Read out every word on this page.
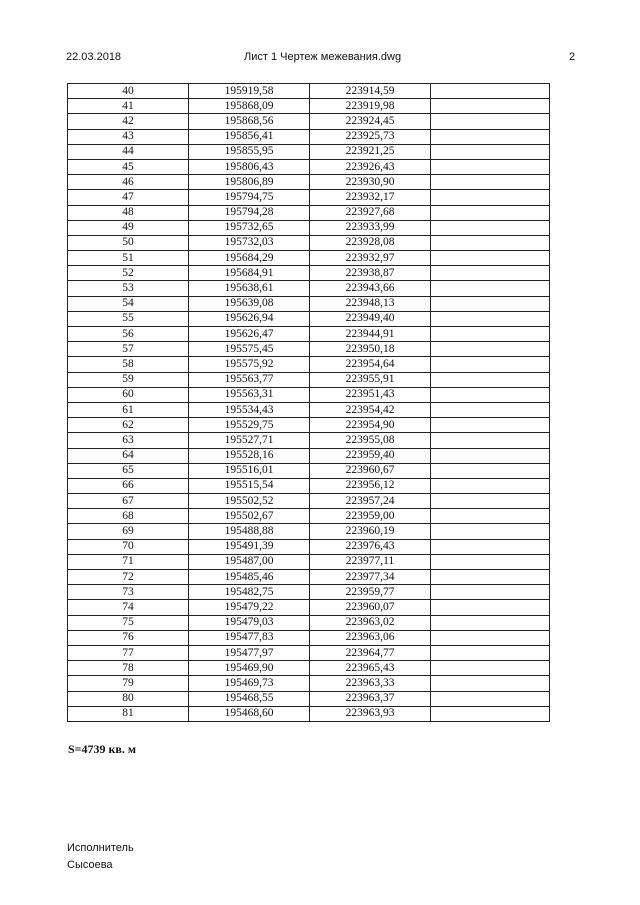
22.03.2018	Лист 1 Чертеж межевания.dwg	2
40	195919,58	223914,59	
41	195868,09	223919,98	
42	195868,56	223924,45	
43	195856,41	223925,73	
44	195855,95	223921,25	
45	195806,43	223926,43	
46	195806,89	223930,90	
47	195794,75	223932,17	
48	195794,28	223927,68	
49	195732,65	223933,99	
50	195732,03	223928,08	
51	195684,29	223932,97	
52	195684,91	223938,87	
53	195638,61	223943,66	
54	195639,08	223948,13	
55	195626,94	223949,40	
56	195626,47	223944,91	
57	195575,45	223950,18	
58	195575,92	223954,64	
59	195563,77	223955,91	
60	195563,31	223951,43	
61	195534,43	223954,42	
62	195529,75	223954,90	
63	195527,71	223955,08	
64	195528,16	223959,40	
65	195516,01	223960,67	
66	195515,54	223956,12	
67	195502,52	223957,24	
68	195502,67	223959,00	
69	195488,88	223960,19	
70	195491,39	223976,43	
71	195487,00	223977,11	
72	195485,46	223977,34	
73	195482,75	223959,77	
74	195479,22	223960,07	
75	195479,03	223963,02	
76	195477,83	223963,06	
77	195477,97	223964,77	
78	195469,90	223965,43	
79	195469,73	223963,33	
80	195468,55	223963,37	
81	195468,60	223963,93	
S=4739 кв. м
Исполнитель
Сысоева
